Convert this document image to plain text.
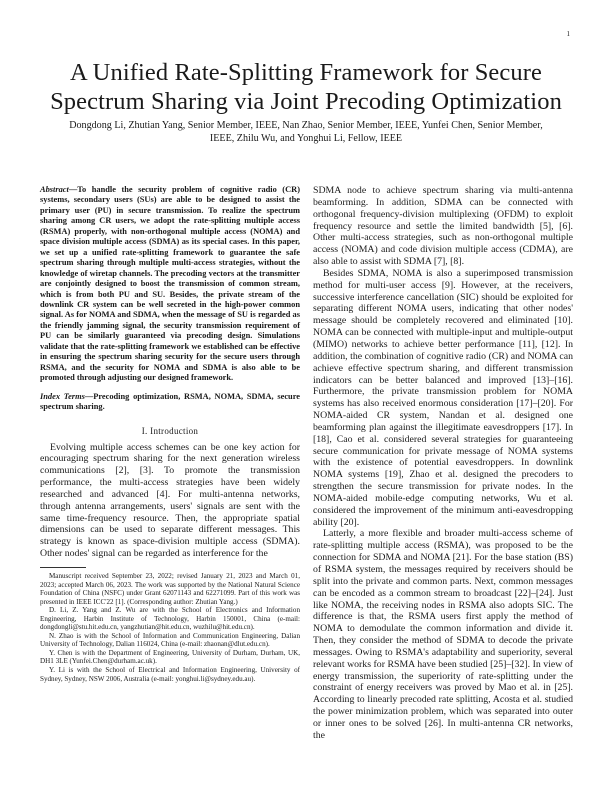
1
A Unified Rate-Splitting Framework for Secure Spectrum Sharing via Joint Precoding Optimization
Dongdong Li, Zhutian Yang, Senior Member, IEEE, Nan Zhao, Senior Member, IEEE, Yunfei Chen, Senior Member, IEEE, Zhilu Wu, and Yonghui Li, Fellow, IEEE
Abstract—To handle the security problem of cognitive radio (CR) systems, secondary users (SUs) are able to be designed to assist the primary user (PU) in secure transmission. To realize the spectrum sharing among CR users, we adopt the rate-splitting multiple access (RSMA) properly, with non-orthogonal multiple access (NOMA) and space division multiple access (SDMA) as its special cases. In this paper, we set up a unified rate-splitting framework to guarantee the safe spectrum sharing through multiple multi-access strategies, without the knowledge of wiretap channels. The precoding vectors at the transmitter are conjointly designed to boost the transmission of common stream, which is from both PU and SU. Besides, the private stream of the downlink CR system can be well secreted in the high-power common signal. As for NOMA and SDMA, when the message of SU is regarded as the friendly jamming signal, the security transmission requirement of PU can be similarly guaranteed via precoding design. Simulations validate that the rate-splitting framework we established can be effective in ensuring the spectrum sharing security for the secure users through RSMA, and the security for NOMA and SDMA is also able to be promoted through adjusting our designed framework.
Index Terms—Precoding optimization, RSMA, NOMA, SDMA, secure spectrum sharing.
I. Introduction

Evolving multiple access schemes can be one key action for encouraging spectrum sharing for the next generation wireless communications [2], [3]. To promote the transmission performance, the multi-access strategies have been widely researched and advanced [4]. For multi-antenna networks, through antenna arrangements, users' signals are sent with the same time-frequency resource. Then, the appropriate spatial dimensions can be used to separate different messages. This strategy is known as space-division multiple access (SDMA). Other nodes' signal can be regarded as interference for the

Manuscript received September 23, 2022; revised January 21, 2023 and March 01, 2023; accepted March 06, 2023. The work was supported by the National Natural Science Foundation of China (NSFC) under Grant 62071143 and 62271099. Part of this work was presented in IEEE ICC'22 [1]. (Corresponding author: Zhutian Yang.)

D. Li, Z. Yang and Z. Wu are with the School of Electronics and Information Engineering, Harbin Institute of Technology, Harbin 150001, China (e-mail: dongdongli@stu.hit.edu.cn, yangzhutian@hit.edu.cn, wuzhilu@hit.edu.cn).

N. Zhao is with the School of Information and Communication Engineering, Dalian University of Technology, Dalian 116024, China (e-mail: zhaonan@dlut.edu.cn).

Y. Chen is with the Department of Engineering, University of Durham, Durham, UK, DH1 3LE (Yunfei.Chen@durham.ac.uk).

Y. Li is with the School of Electrical and Information Engineering, University of Sydney, Sydney, NSW 2006, Australia (e-mail: yonghui.li@sydney.edu.au).

SDMA node to achieve spectrum sharing via multi-antenna beamforming. In addition, SDMA can be connected with orthogonal frequency-division multiplexing (OFDM) to exploit frequency resource and settle the limited bandwidth [5], [6]. Other multi-access strategies, such as non-orthogonal multiple access (NOMA) and code division multiple access (CDMA), are also able to assist with SDMA [7], [8].

Besides SDMA, NOMA is also a superimposed transmission method for multi-user access [9]. However, at the receivers, successive interference cancellation (SIC) should be exploited for separating different NOMA users, indicating that other nodes' message should be completely recovered and eliminated [10]. NOMA can be connected with multiple-input and multiple-output (MIMO) networks to achieve better performance [11], [12]. In addition, the combination of cognitive radio (CR) and NOMA can achieve effective spectrum sharing, and different transmission indicators can be better balanced and improved [13]–[16]. Furthermore, the private transmission problem for NOMA systems has also received enormous consideration [17]–[20]. For NOMA-aided CR system, Nandan et al. designed one beamforming plan against the illegitimate eavesdroppers [17]. In [18], Cao et al. considered several strategies for guaranteeing secure communication for private message of NOMA systems with the existence of potential eavesdroppers. In downlink NOMA systems [19], Zhao et al. designed the precoders to strengthen the secure transmission for private nodes. In the NOMA-aided mobile-edge computing networks, Wu et al. considered the improvement of the minimum anti-eavesdropping ability [20].

Latterly, a more flexible and broader multi-access scheme of rate-splitting multiple access (RSMA), was proposed to be the connection for SDMA and NOMA [21]. For the base station (BS) of RSMA system, the messages required by receivers should be split into the private and common parts. Next, common messages can be encoded as a common stream to broadcast [22]–[24]. Just like NOMA, the receiving nodes in RSMA also adopts SIC. The difference is that, the RSMA users first apply the method of NOMA to demodulate the common information and divide it. Then, they consider the method of SDMA to decode the private messages. Owing to RSMA's adaptability and superiority, several relevant works for RSMA have been studied [25]–[32]. In view of energy transmission, the superiority of rate-splitting under the constraint of energy receivers was proved by Mao et al. in [25]. According to linearly precoded rate splitting, Acosta et al. studied the power minimization problem, which was separated into outer or inner ones to be solved [26]. In multi-antenna CR networks, the
